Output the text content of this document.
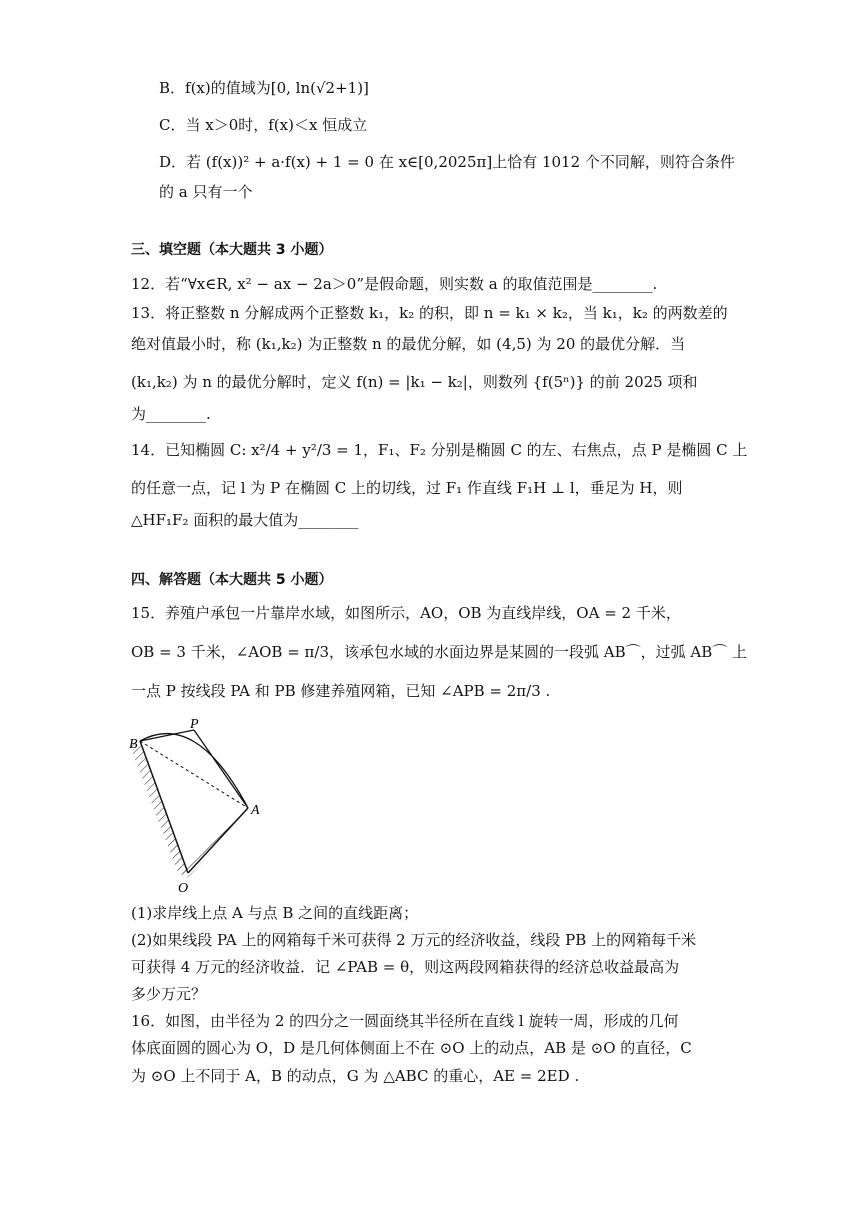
B．f(x)的值域为[0, ln(√2+1)]
C．当 x＞0时，f(x)＜x 恒成立
D．若 (f(x))² + a·f(x) + 1 = 0 在 x∈[0,2025π]上恰有 1012 个不同解，则符合条件
的 a 只有一个
三、填空题（本大题共 3 小题）
12．若“∀x∈R, x² − ax − 2a＞0”是假命题，则实数 a 的取值范围是________.
13．将正整数 n 分解成两个正整数 k₁，k₂ 的积，即 n = k₁ × k₂，当 k₁，k₂ 的两数差的
绝对值最小时，称 (k₁,k₂) 为正整数 n 的最优分解，如 (4,5) 为 20 的最优分解．当
(k₁,k₂) 为 n 的最优分解时，定义 f(n) = |k₁ − k₂|，则数列 {f(5ⁿ)} 的前 2025 项和
为________.
14．已知椭圆 C: x²/4 + y²/3 = 1，F₁、F₂ 分别是椭圆 C 的左、右焦点，点 P 是椭圆 C 上
的任意一点，记 l 为 P 在椭圆 C 上的切线，过 F₁ 作直线 F₁H ⊥ l，垂足为 H，则
△HF₁F₂ 面积的最大值为________
四、解答题（本大题共 5 小题）
15．养殖户承包一片靠岸水域，如图所示，AO，OB 为直线岸线，OA = 2 千米，
OB = 3 千米，∠AOB = π/3，该承包水域的水面边界是某圆的一段弧 AB⌒，过弧 AB⌒ 上
一点 P 按线段 PA 和 PB 修建养殖网箱，已知 ∠APB = 2π/3 .
B
P
A
O
(1)求岸线上点 A 与点 B 之间的直线距离；
(2)如果线段 PA 上的网箱每千米可获得 2 万元的经济收益，线段 PB 上的网箱每千米
可获得 4 万元的经济收益．记 ∠PAB = θ，则这两段网箱获得的经济总收益最高为
多少万元？
16．如图，由半径为 2 的四分之一圆面绕其半径所在直线 l 旋转一周，形成的几何
体底面圆的圆心为 O，D 是几何体侧面上不在 ⊙O 上的动点，AB 是 ⊙O 的直径，C
为 ⊙O 上不同于 A，B 的动点，G 为 △ABC 的重心，AE = 2ED .
